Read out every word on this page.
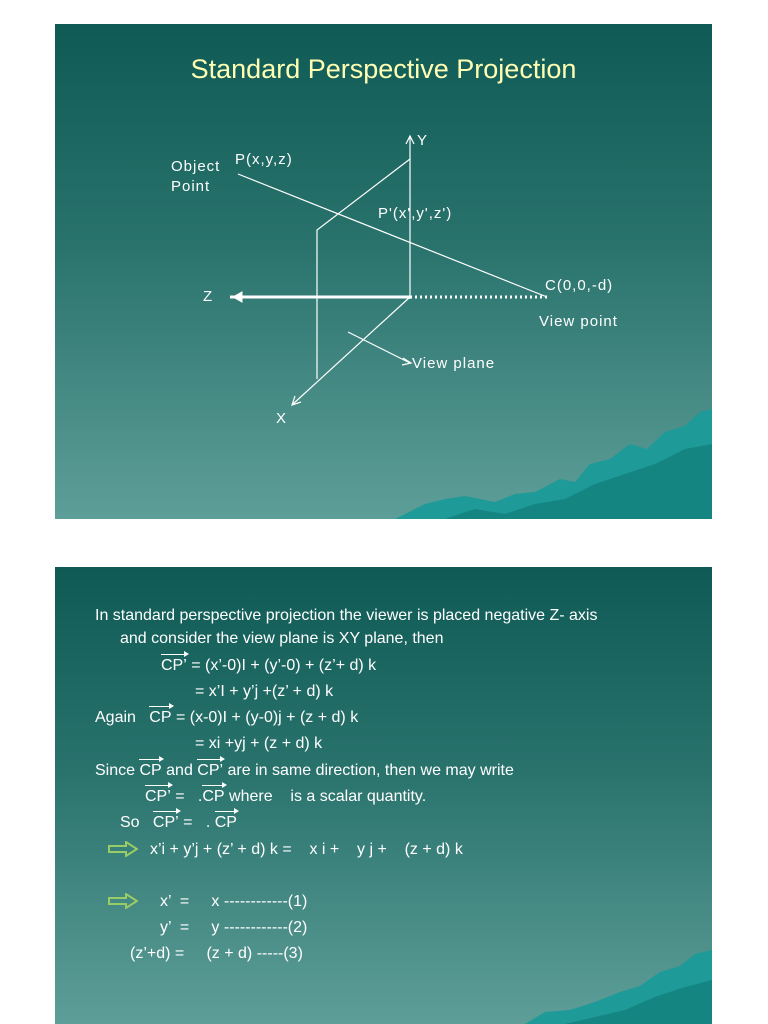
Standard Perspective Projection
Object
Point
P(x,y,z)
P'(x',y',z')
C(0,0,-d)
View point
View plane
X
Y
Z
In standard perspective projection the viewer is placed negative Z- axis
and consider the view plane is XY plane, then
CP’ = (x’-0)I + (y’-0) + (z’+ d) k
= x’I + y’j +(z’ + d) k
Again CP = (x-0)I + (y-0)j + (z + d) k
= xi +yj + (z + d) k
Since CP and CP’ are in same direction, then we may write
CP’ =   .CP where    is a scalar quantity.
So CP’ =   . CP
x’i + y’j + (z’ + d) k =    x i +    y j +    (z + d) k
x’  =     x ------------(1)
y’  =     y ------------(2)
(z’+d) =     (z + d) -----(3)
